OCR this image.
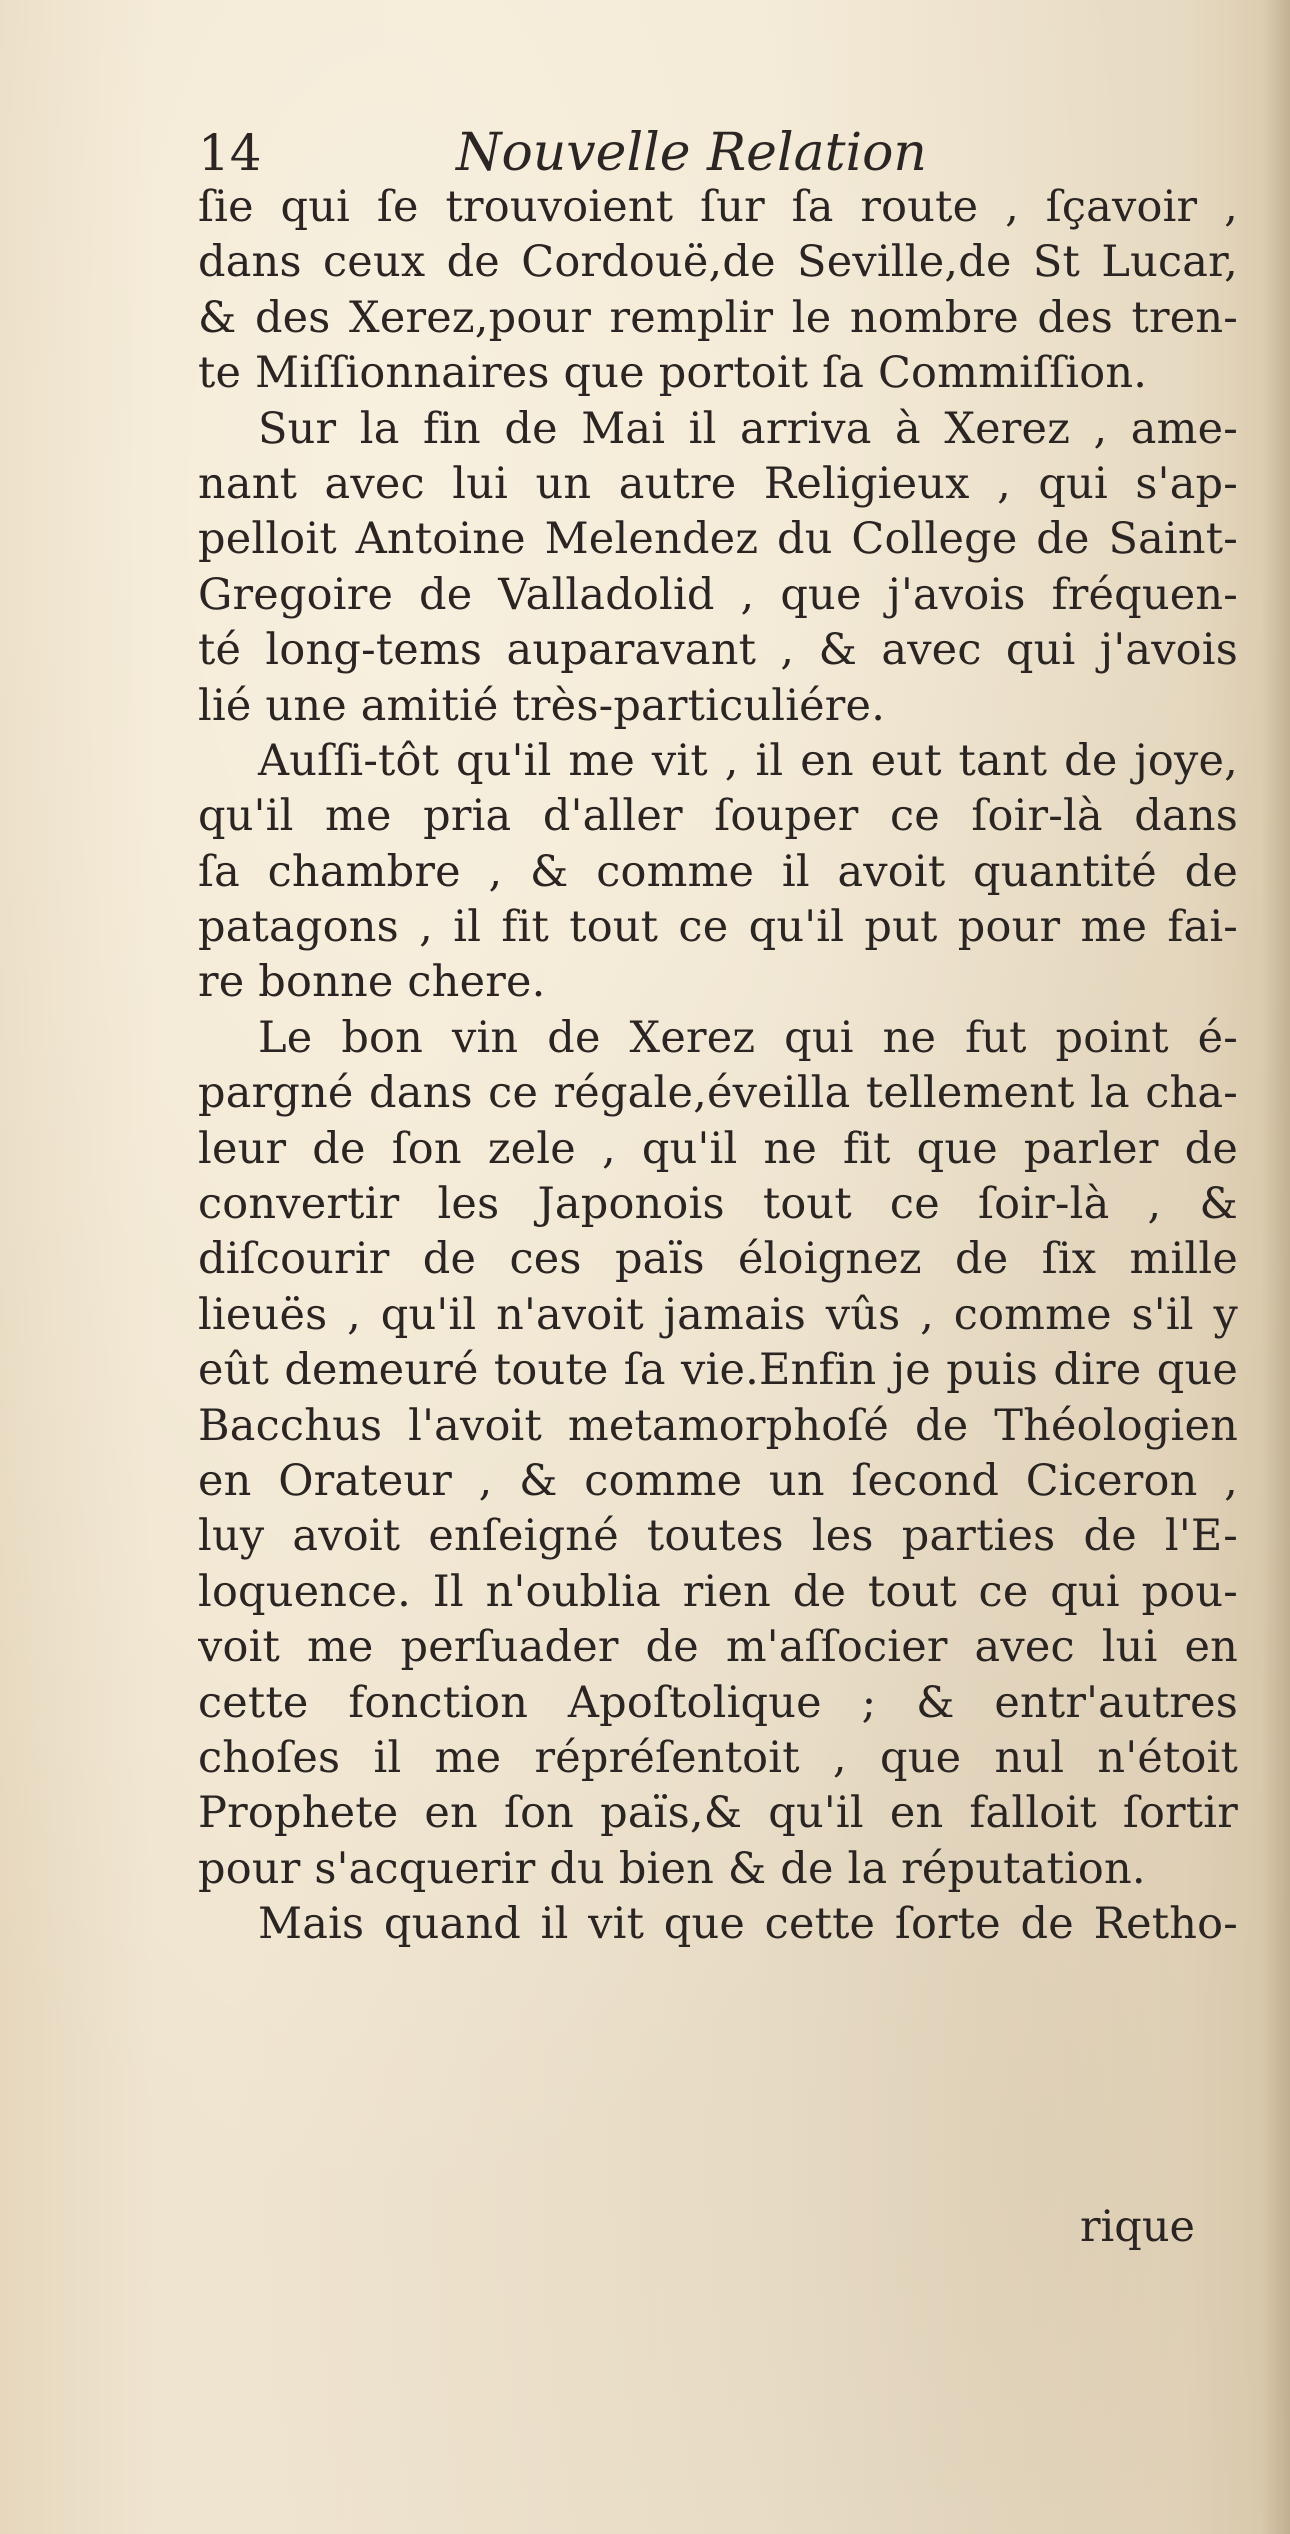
14	Nouvelle Relation
ſie qui ſe trouvoient ſur ſa route , ſçavoir ,
dans ceux de Cordouë,de Seville,de St Lucar,
& des Xerez,pour remplir le nombre des tren-
te Miſſionnaires que portoit ſa Commiſſion.
Sur la fin de Mai il arriva à Xerez , ame-
nant avec lui un autre Religieux , qui s'ap-
pelloit Antoine Melendez du College de Saint-
Gregoire de Valladolid , que j'avois fréquen-
té long-tems auparavant , & avec qui j'avois
lié une amitié très-particuliére.
Auſſi-tôt qu'il me vit , il en eut tant de joye,
qu'il me pria d'aller ſouper ce ſoir-là dans
ſa chambre , & comme il avoit quantité de
patagons , il fit tout ce qu'il put pour me fai-
re bonne chere.
Le bon vin de Xerez qui ne fut point é-
pargné dans ce régale,éveilla tellement la cha-
leur de ſon zele , qu'il ne fit que parler de
convertir les Japonois tout ce ſoir-là , &
diſcourir de ces païs éloignez de ſix mille
lieuës , qu'il n'avoit jamais vûs , comme s'il y
eût demeuré toute ſa vie.Enfin je puis dire que
Bacchus l'avoit metamorphoſé de Théologien
en Orateur , & comme un ſecond Ciceron ,
luy avoit enſeigné toutes les parties de l'E-
loquence. Il n'oublia rien de tout ce qui pou-
voit me perſuader de m'aſſocier avec lui en
cette fonction Apoſtolique ; & entr'autres
choſes il me répréſentoit , que nul n'étoit
Prophete en ſon païs,& qu'il en falloit ſortir
pour s'acquerir du bien & de la réputation.
Mais quand il vit que cette ſorte de Retho-
rique
